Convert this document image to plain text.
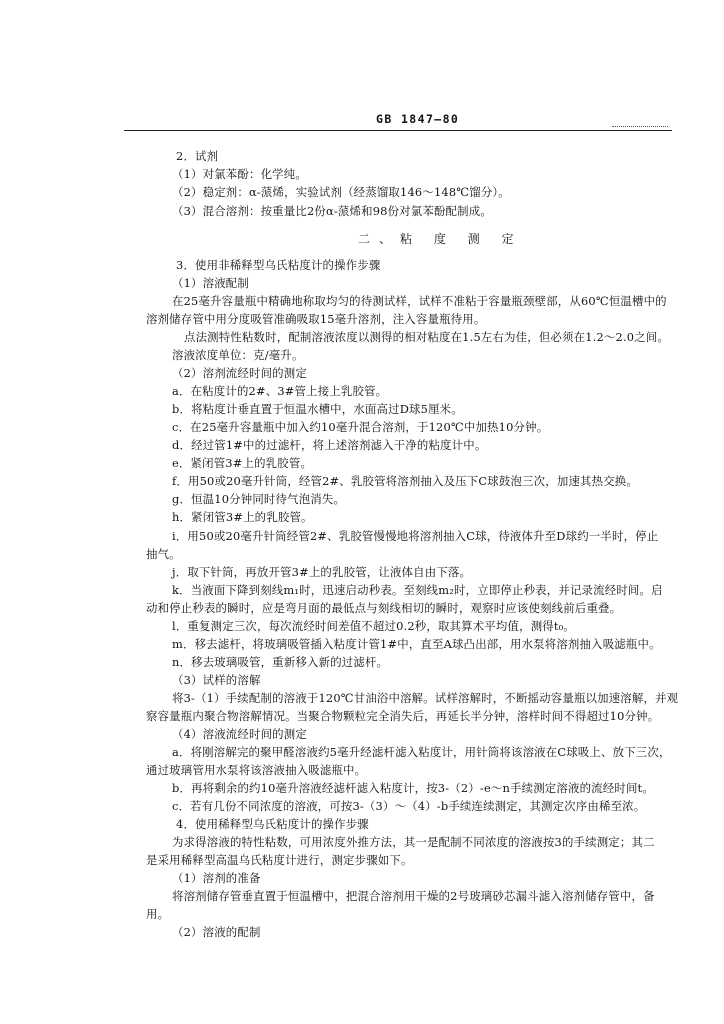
GB 1847—80
2．试剂
（1）对氯苯酚：化学纯。
（2）稳定剂：α-蒎烯，实验试剂（经蒸馏取146～148℃馏分）。
（3）混合溶剂：按重量比2份α-蒎烯和98份对氯苯酚配制成。
二、粘 度 测 定
3．使用非稀释型乌氏粘度计的操作步骤
（1）溶液配制
在25毫升容量瓶中精确地称取均匀的待测试样，试样不准粘于容量瓶颈壁部，从60℃恒温槽中的
溶剂储存管中用分度吸管准确吸取15毫升溶剂，注入容量瓶待用。
点法测特性粘数时，配制溶液浓度以测得的相对粘度在1.5左右为佳，但必须在1.2～2.0之间。
溶液浓度单位：克/毫升。
（2）溶剂流经时间的测定
a．在粘度计的2#、3#管上接上乳胶管。
b．将粘度计垂直置于恒温水槽中，水面高过D球5厘米。
c．在25毫升容量瓶中加入约10毫升混合溶剂，于120℃中加热10分钟。
d．经过管1#中的过滤杆，将上述溶剂滤入干净的粘度计中。
e．紧闭管3#上的乳胶管。
f．用50或20毫升针筒，经管2#、乳胶管将溶剂抽入及压下C球鼓泡三次，加速其热交换。
g．恒温10分钟同时待气泡消失。
h．紧闭管3#上的乳胶管。
i．用50或20毫升针筒经管2#、乳胶管慢慢地将溶剂抽入C球，待液体升至D球约一半时，停止
抽气。
j．取下针筒，再放开管3#上的乳胶管，让液体自由下落。
k．当液面下降到刻线m₁时，迅速启动秒表。至刻线m₂时，立即停止秒表，并记录流经时间。启
动和停止秒表的瞬时，应是弯月面的最低点与刻线相切的瞬时，观察时应该使刻线前后重叠。
l．重复测定三次，每次流经时间差值不超过0.2秒，取其算术平均值，测得t₀。
m．移去滤杆，将玻璃吸管插入粘度计管1#中，直至A球凸出部，用水泵将溶剂抽入吸滤瓶中。
n．移去玻璃吸管，重新移入新的过滤杆。
（3）试样的溶解
将3-（1）手续配制的溶液于120℃甘油浴中溶解。试样溶解时，不断摇动容量瓶以加速溶解，并观
察容量瓶内聚合物溶解情况。当聚合物颗粒完全消失后，再延长半分钟，溶样时间不得超过10分钟。
（4）溶液流经时间的测定
a．将刚溶解完的聚甲醛溶液约5毫升经滤杆滤入粘度计，用针筒将该溶液在C球吸上、放下三次，
通过玻璃管用水泵将该溶液抽入吸滤瓶中。
b．再将剩余的约10毫升溶液经滤杆滤入粘度计，按3-（2）-e～n手续测定溶液的流经时间t。
c．若有几份不同浓度的溶液，可按3-（3）～（4）-b手续连续测定，其测定次序由稀至浓。
4．使用稀释型乌氏粘度计的操作步骤
为求得溶液的特性粘数，可用浓度外推方法，其一是配制不同浓度的溶液按3的手续测定；其二
是采用稀释型高温乌氏粘度计进行，测定步骤如下。
（1）溶剂的准备
将溶剂储存管垂直置于恒温槽中，把混合溶剂用干燥的2号玻璃砂芯漏斗滤入溶剂储存管中，备
用。
（2）溶液的配制
